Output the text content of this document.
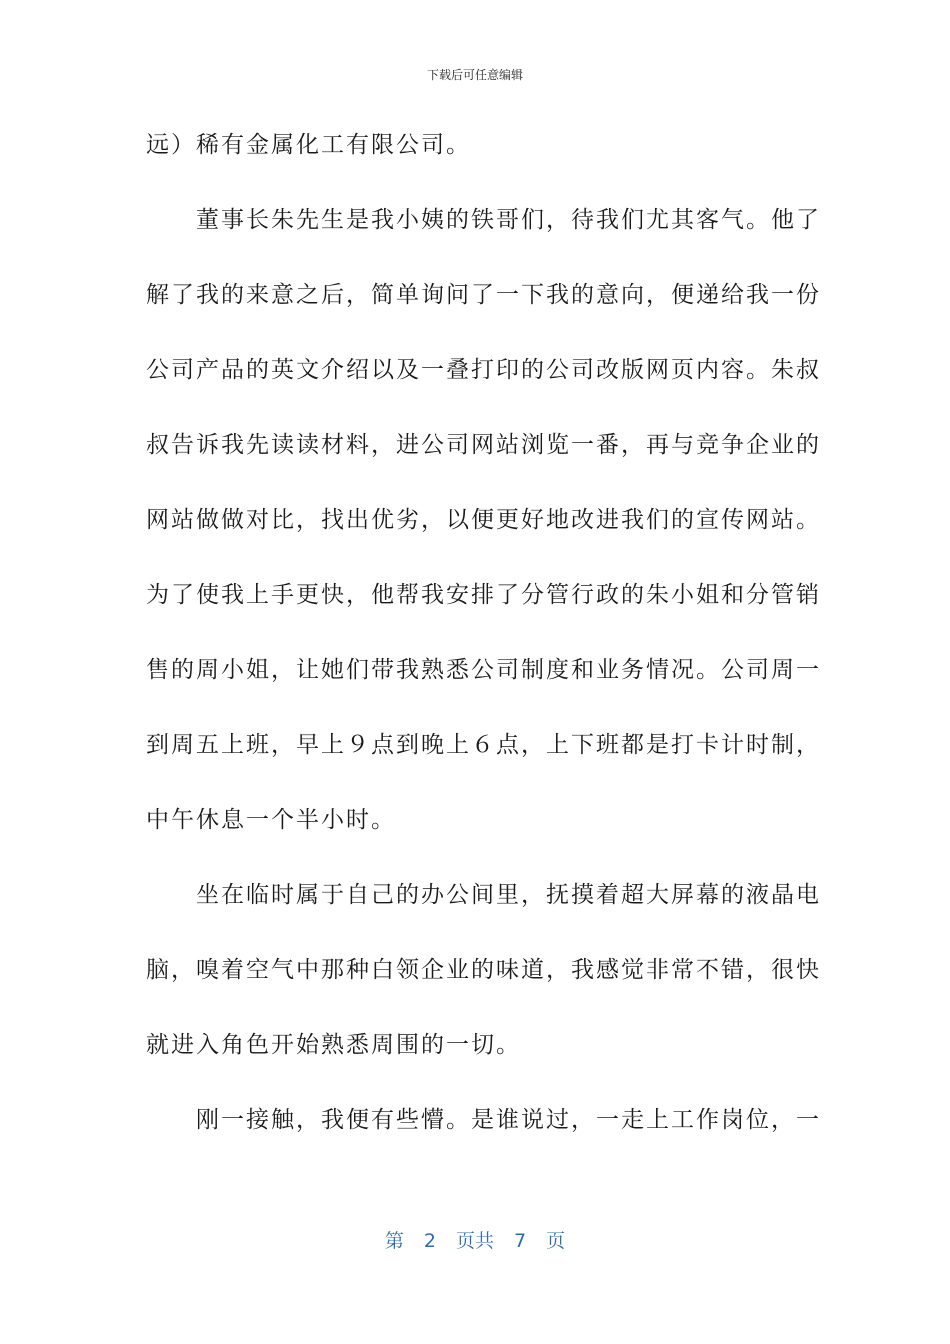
下载后可任意编辑
远）稀有金属化工有限公司。
　　董事长朱先生是我小姨的铁哥们，待我们尤其客气。他了
解了我的来意之后，简单询问了一下我的意向，便递给我一份
公司产品的英文介绍以及一叠打印的公司改版网页内容。朱叔
叔告诉我先读读材料，进公司网站浏览一番，再与竞争企业的
网站做做对比，找出优劣，以便更好地改进我们的宣传网站。
为了使我上手更快，他帮我安排了分管行政的朱小姐和分管销
售的周小姐，让她们带我熟悉公司制度和业务情况。公司周一
到周五上班，早上９点到晚上６点，上下班都是打卡计时制，
中午休息一个半小时。
　　坐在临时属于自己的办公间里，抚摸着超大屏幕的液晶电
脑，嗅着空气中那种白领企业的味道，我感觉非常不错，很快
就进入角色开始熟悉周围的一切。
　　刚一接触，我便有些懵。是谁说过，一走上工作岗位，一
第 2 页共 7 页
